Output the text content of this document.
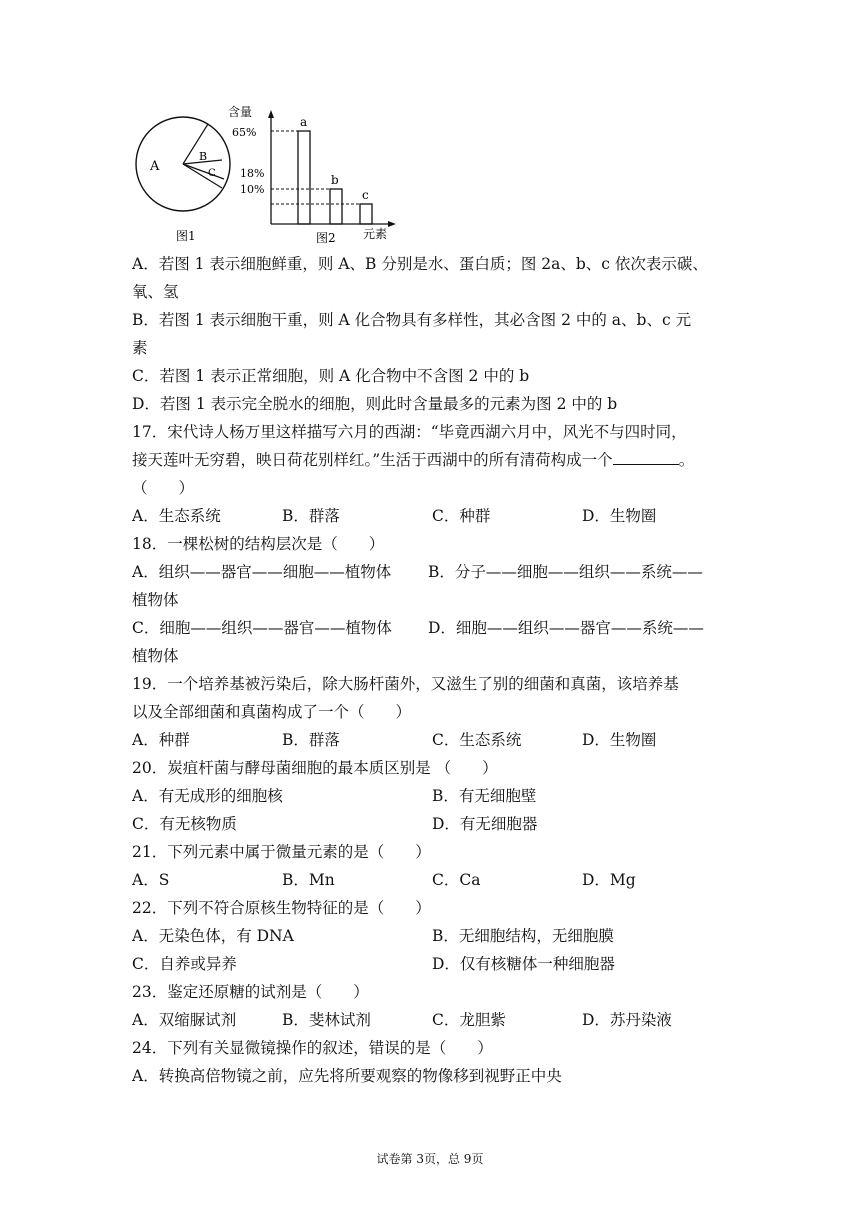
A
B
C
图1
含量
65%
18%
10%
a
b
c
图2 元素

A．若图 1 表示细胞鲜重，则 A、B 分别是水、蛋白质；图 2a、b、c 依次表示碳、

氧、氢

B．若图 1 表示细胞干重，则 A 化合物具有多样性，其必含图 2 中的 a、b、c 元

素

C．若图 1 表示正常细胞，则 A 化合物中不含图 2 中的 b

D．若图 1 表示完全脱水的细胞，则此时含量最多的元素为图 2 中的 b

17．宋代诗人杨万里这样描写六月的西湖：“毕竟西湖六月中，风光不与四时同，

接天莲叶无穷碧，映日荷花别样红。”生活于西湖中的所有清荷构成一个	。

（　　）

A．生态系统	B．群落	C．种群	D．生物圈

18．一棵松树的结构层次是（　　）

A．组织——器官——细胞——植物体	B．分子——细胞——组织——系统——

植物体

C．细胞——组织——器官——植物体	D．细胞——组织——器官——系统——

植物体

19．一个培养基被污染后，除大肠杆菌外，又滋生了别的细菌和真菌，该培养基

以及全部细菌和真菌构成了一个（　　）

A．种群	B．群落	C．生态系统	D．生物圈

20．炭疽杆菌与酵母菌细胞的最本质区别是 （　　）

A．有无成形的细胞核	B．有无细胞壁
C．有无核物质	D．有无细胞器

21．下列元素中属于微量元素的是（　　）

A．S	B．Mn	C．Ca	D．Mg

22．下列不符合原核生物特征的是（　　）

A．无染色体，有 DNA	B．无细胞结构，无细胞膜
C．自养或异养	D．仅有核糖体一种细胞器

23．鉴定还原糖的试剂是（　　）

A．双缩脲试剂	B．斐林试剂	C．龙胆紫	D．苏丹染液

24．下列有关显微镜操作的叙述，错误的是（　　）

A．转换高倍物镜之前，应先将所要观察的物像移到视野正中央

试卷第 3页，总 9页
